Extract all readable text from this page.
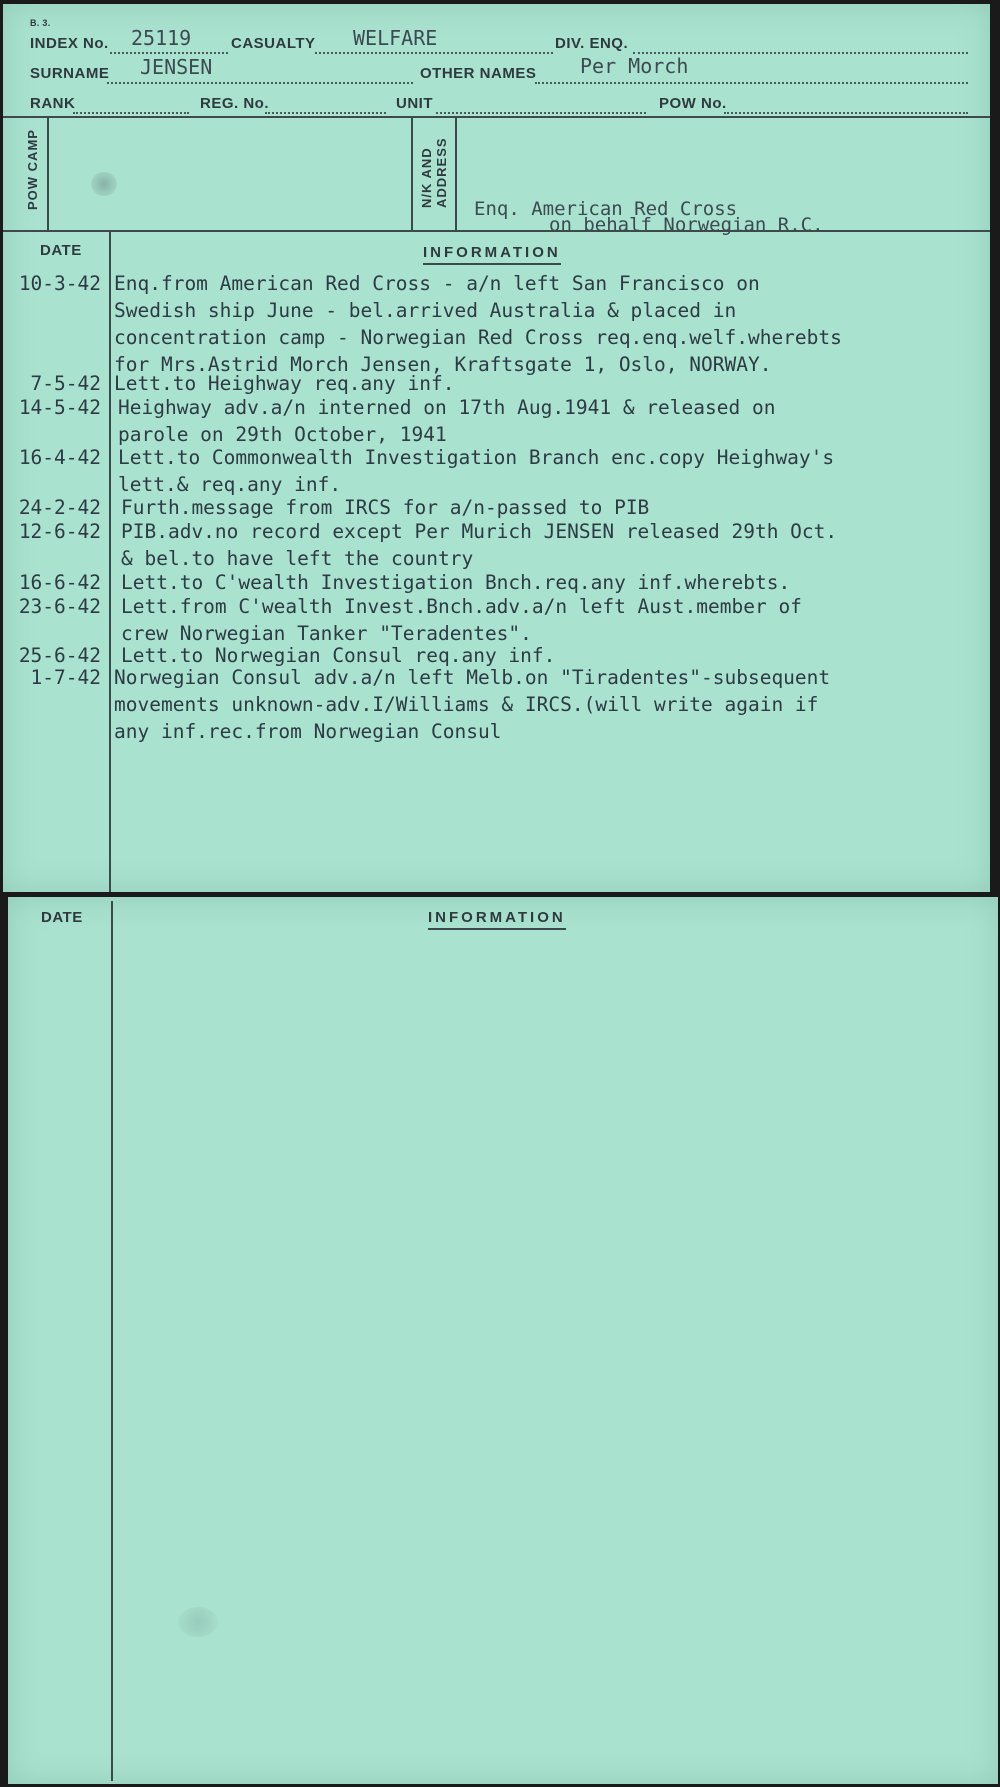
B. 3.
INDEX No. 25119	CASUALTY WELFARE	DIV. ENQ.
SURNAME JENSEN	OTHER NAMES Per Morch
RANK	REG. No.	UNIT	POW No.
POW CAMP	N/K AND ADDRESS
Enq. American Red Cross
on behalf Norwegian R.C.
DATE	INFORMATION
10-3-42 Enq.from American Red Cross - a/n left San Francisco on
Swedish ship June - bel.arrived Australia & placed in
concentration camp - Norwegian Red Cross req.enq.welf.wherebts
for Mrs.Astrid Morch Jensen, Kraftsgate 1, Oslo, NORWAY.
7-5-42 Lett.to Heighway req.any inf.
14-5-42 Heighway adv.a/n interned on 17th Aug.1941 & released on
parole on 29th October, 1941
16-4-42 Lett.to Commonwealth Investigation Branch enc.copy Heighway's
lett.& req.any inf.
24-2-42 Furth.message from IRCS for a/n-passed to PIB
12-6-42 PIB.adv.no record except Per Murich JENSEN released 29th Oct.
& bel.to have left the country
16-6-42 Lett.to C'wealth Investigation Bnch.req.any inf.wherebts.
23-6-42 Lett.from C'wealth Invest.Bnch.adv.a/n left Aust.member of
crew Norwegian Tanker "Teradentes".
25-6-42 Lett.to Norwegian Consul req.any inf.
1-7-42 Norwegian Consul adv.a/n left Melb.on "Tiradentes"-subsequent
movements unknown-adv.I/Williams & IRCS.(will write again if
any inf.rec.from Norwegian Consul
DATE	INFORMATION
